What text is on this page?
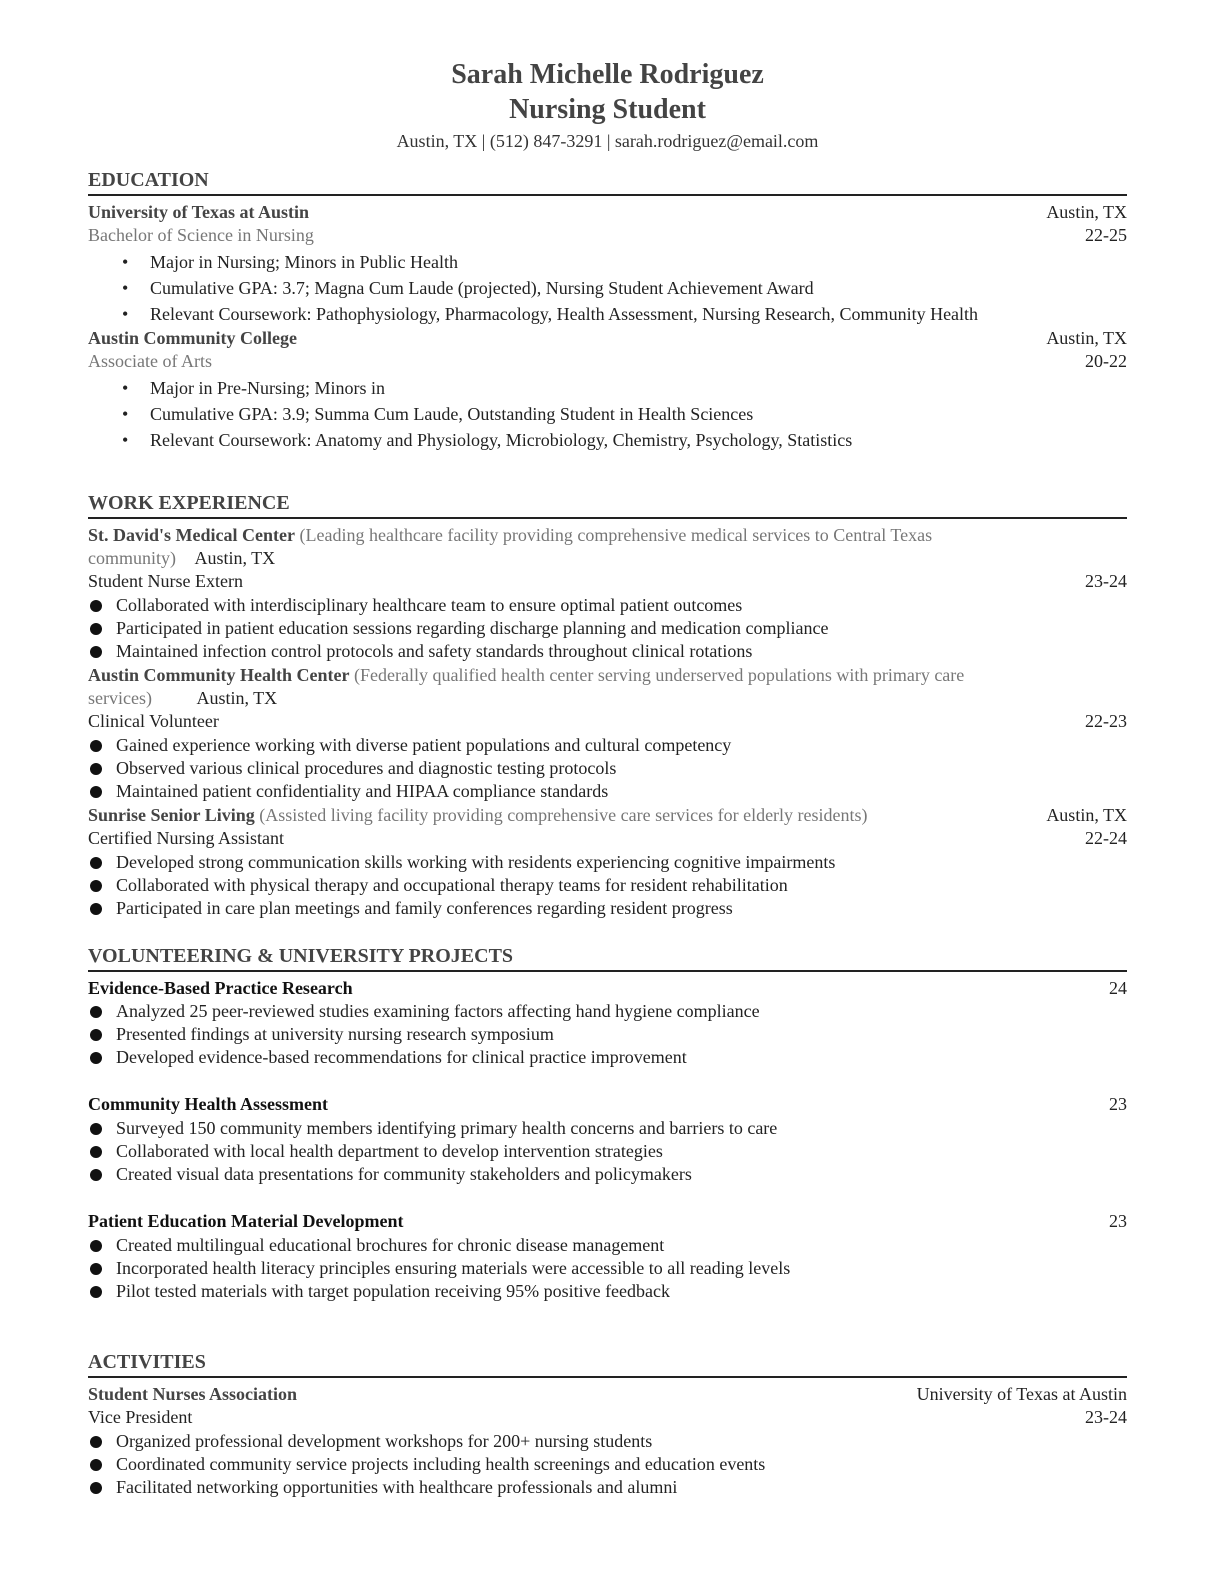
Sarah Michelle Rodriguez
Nursing Student
Austin, TX | (512) 847-3291 | sarah.rodriguez@email.com
EDUCATION
University of Texas at Austin	Austin, TX
Bachelor of Science in Nursing	22-25
• Major in Nursing; Minors in Public Health
• Cumulative GPA: 3.7; Magna Cum Laude (projected), Nursing Student Achievement Award
• Relevant Coursework: Pathophysiology, Pharmacology, Health Assessment, Nursing Research, Community Health
Austin Community College	Austin, TX
Associate of Arts	20-22
• Major in Pre-Nursing; Minors in
• Cumulative GPA: 3.9; Summa Cum Laude, Outstanding Student in Health Sciences
• Relevant Coursework: Anatomy and Physiology, Microbiology, Chemistry, Psychology, Statistics
WORK EXPERIENCE
St. David's Medical Center (Leading healthcare facility providing comprehensive medical services to Central Texas
community) Austin, TX
Student Nurse Extern	23-24
Collaborated with interdisciplinary healthcare team to ensure optimal patient outcomes
Participated in patient education sessions regarding discharge planning and medication compliance
Maintained infection control protocols and safety standards throughout clinical rotations
Austin Community Health Center (Federally qualified health center serving underserved populations with primary care
services) Austin, TX
Clinical Volunteer	22-23
Gained experience working with diverse patient populations and cultural competency
Observed various clinical procedures and diagnostic testing protocols
Maintained patient confidentiality and HIPAA compliance standards
Sunrise Senior Living (Assisted living facility providing comprehensive care services for elderly residents)	Austin, TX
Certified Nursing Assistant	22-24
Developed strong communication skills working with residents experiencing cognitive impairments
Collaborated with physical therapy and occupational therapy teams for resident rehabilitation
Participated in care plan meetings and family conferences regarding resident progress
VOLUNTEERING & UNIVERSITY PROJECTS
Evidence-Based Practice Research	24
Analyzed 25 peer-reviewed studies examining factors affecting hand hygiene compliance
Presented findings at university nursing research symposium
Developed evidence-based recommendations for clinical practice improvement
Community Health Assessment	23
Surveyed 150 community members identifying primary health concerns and barriers to care
Collaborated with local health department to develop intervention strategies
Created visual data presentations for community stakeholders and policymakers
Patient Education Material Development	23
Created multilingual educational brochures for chronic disease management
Incorporated health literacy principles ensuring materials were accessible to all reading levels
Pilot tested materials with target population receiving 95% positive feedback
ACTIVITIES
Student Nurses Association	University of Texas at Austin
Vice President	23-24
Organized professional development workshops for 200+ nursing students
Coordinated community service projects including health screenings and education events
Facilitated networking opportunities with healthcare professionals and alumni
